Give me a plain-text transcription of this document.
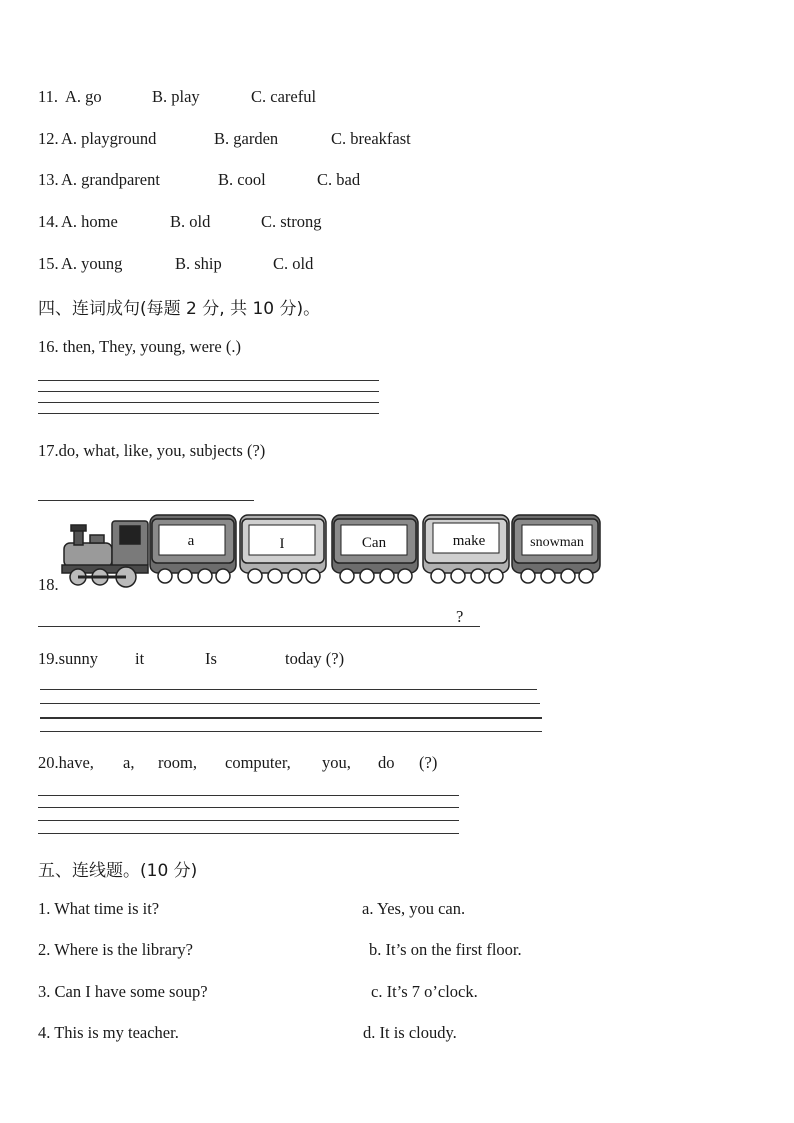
11. A. go	B. play	C. careful
12. A. playground	B. garden	C. breakfast
13. A. grandparent	B. cool	C. bad
14. A. home	B. old	C. strong
15. A. young	B. ship	C. old
四、连词成句(每题 2 分, 共 10 分)。
16. then, They, young, were (.)
17.do, what, like, you, subjects (?)
18.
a	I	Can	make	snowman
?
19.sunny it	Is	today (?)
20.have, a, room, computer, you, do (?)
五、连线题。(10 分)
1. What time is it?	a. Yes, you can.
2. Where is the library?	b. It’s on the first floor.
3. Can I have some soup?	c. It’s 7 o’clock.
4. This is my teacher.	d. It is cloudy.
